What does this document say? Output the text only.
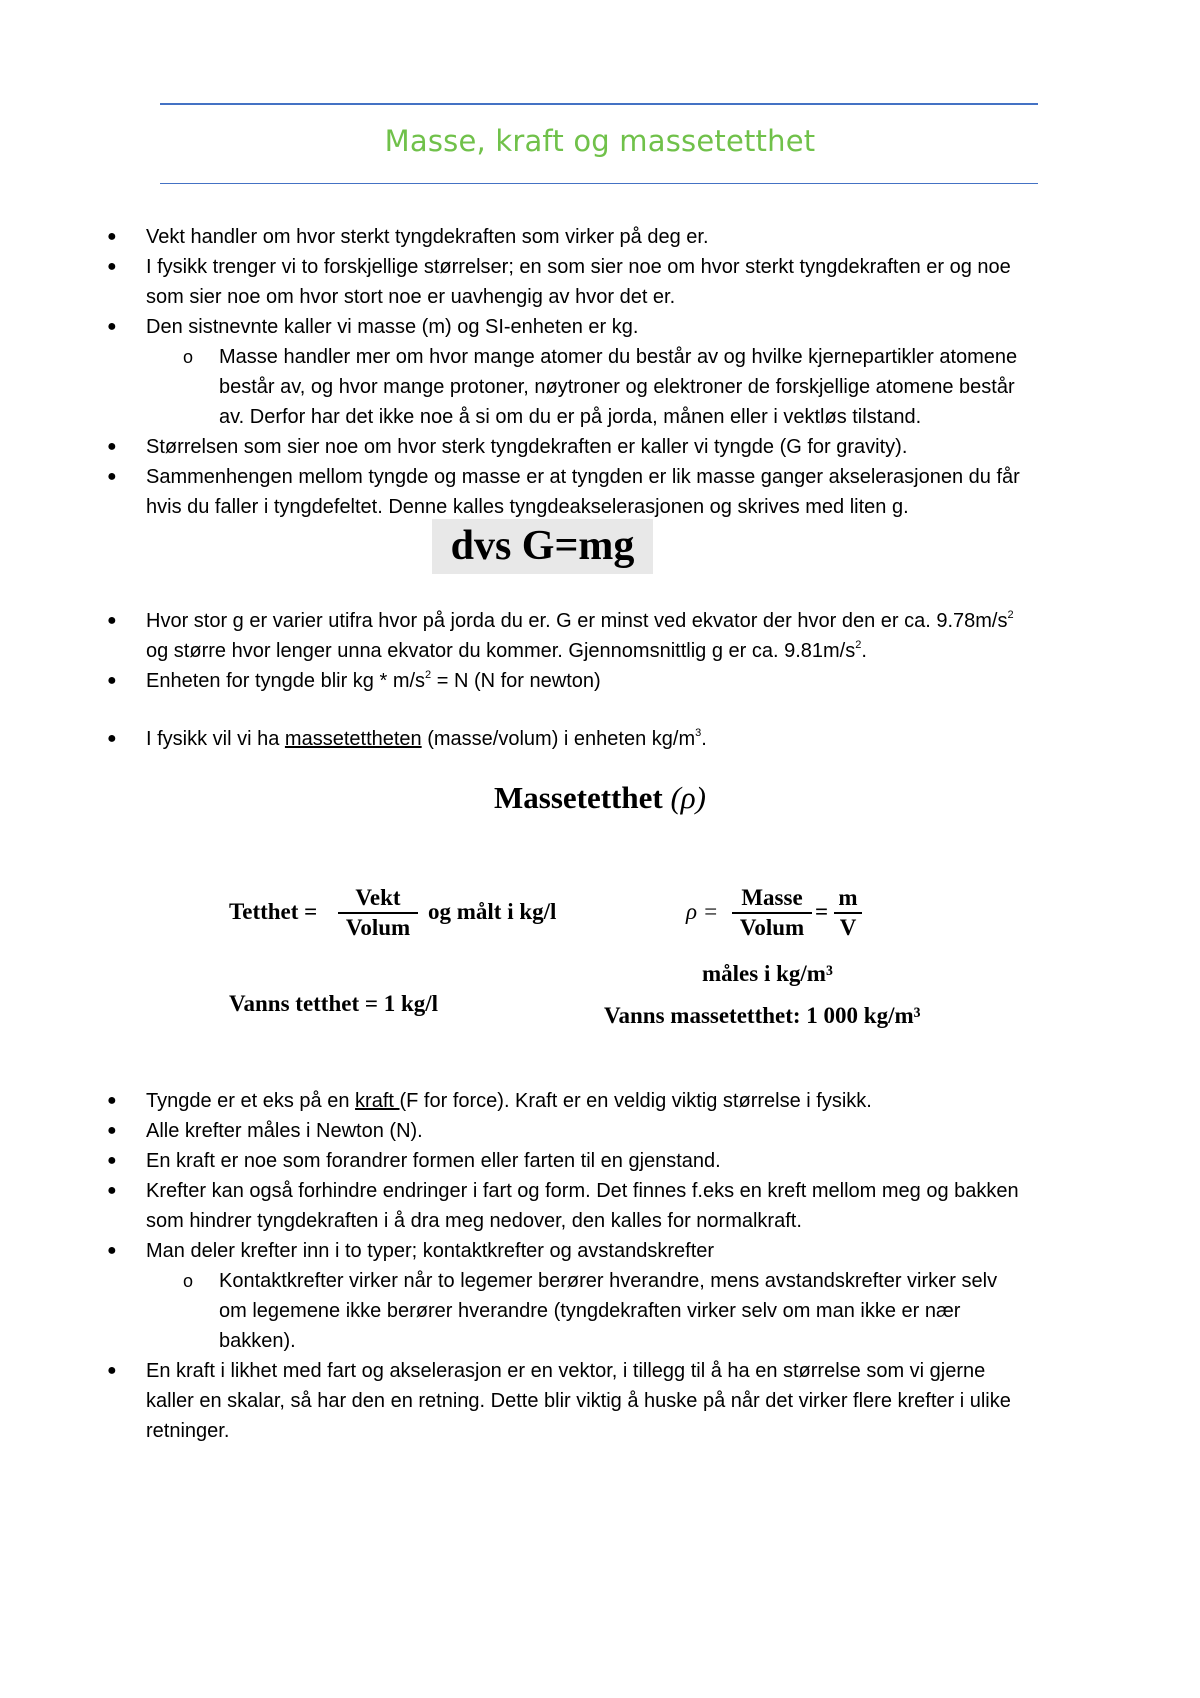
Masse, kraft og massetetthet
● Vekt handler om hvor sterkt tyngdekraften som virker på deg er.
● I fysikk trenger vi to forskjellige størrelser; en som sier noe om hvor sterkt tyngdekraften er og noe
som sier noe om hvor stort noe er uavhengig av hvor det er.
● Den sistnevnte kaller vi masse (m) og SI-enheten er kg.
o Masse handler mer om hvor mange atomer du består av og hvilke kjernepartikler atomene
består av, og hvor mange protoner, nøytroner og elektroner de forskjellige atomene består
av. Derfor har det ikke noe å si om du er på jorda, månen eller i vektløs tilstand.
● Størrelsen som sier noe om hvor sterk tyngdekraften er kaller vi tyngde (G for gravity).
● Sammenhengen mellom tyngde og masse er at tyngden er lik masse ganger akselerasjonen du får
hvis du faller i tyngdefeltet. Denne kalles tyngdeakselerasjonen og skrives med liten g.
● Hvor stor g er varier utifra hvor på jorda du er. G er minst ved ekvator der hvor den er ca. $9.78m/s^2$
og større hvor lenger unna ekvator du kommer. Gjennomsnittlig g er ca. $9.81m/s^2$.
● Enheten for tyngde blir kg * $m/s^2 = N$ (N for newton)
● I fysikk vil vi ha massetettheten (masse/volum) i enheten $kg/m^3$.
● Tyngde er et eks på en kraft (F for force). Kraft er en veldig viktig størrelse i fysikk.
● Alle krefter måles i Newton (N).
● En kraft er noe som forandrer formen eller farten til en gjenstand.
● Krefter kan også forhindre endringer i fart og form. Det finnes f.eks en kreft mellom meg og bakken
som hindrer tyngdekraften i å dra meg nedover, den kalles for normalkraft.
● Man deler krefter inn i to typer; kontaktkrefter og avstandskrefter
o Kontaktkrefter virker når to legemer berører hverandre, mens avstandskrefter virker selv
om legemene ikke berører hverandre (tyngdekraften virker selv om man ikke er nær
bakken).
● En kraft i likhet med fart og akselerasjon er en vektor, i tillegg til å ha en størrelse som vi gjerne
kaller en skalar, så har den en retning. Dette blir viktig å huske på når det virker flere krefter i ulike
retninger.
dvs G=mg
Massetetthet (ρ)
Tetthet =
Vekt
Volum
og målt i kg/l	ρ =
Masse
Volum
=
m
V
måles i kg/m³
Vanns tetthet = 1 kg/l	Vanns massetetthet: 1 000 kg/m³
